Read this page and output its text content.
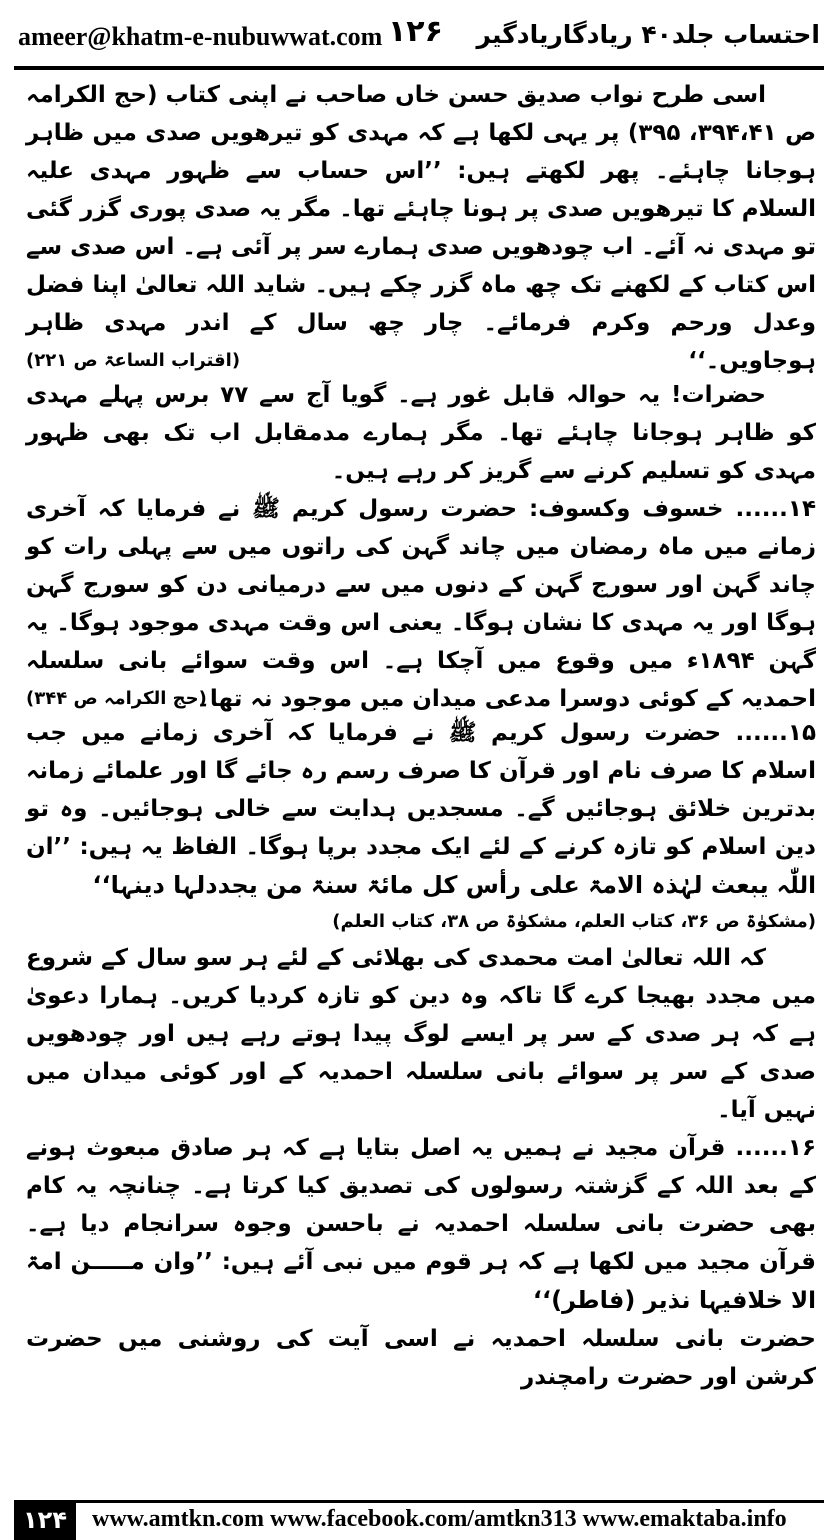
ameer@khatm-e-nubuwwat.com ۱۲۶ احتساب جلد۴۰ ریادگاریادگیر

اسی طرح نواب صدیق حسن خاں صاحب نے اپنی کتاب (حج الکرامہ ص ۳۹۴،۴۱، ۳۹۵) پر یہی لکھا ہے کہ مہدی کو تیرھویں صدی میں ظاہر ہوجانا چاہئے۔ پھر لکھتے ہیں: ’’اس حساب سے ظہور مہدی علیہ السلام کا تیرھویں صدی پر ہونا چاہئے تھا۔ مگر یہ صدی پوری گزر گئی تو مہدی نہ آئے۔ اب چودھویں صدی ہمارے سر پر آئی ہے۔ اس صدی سے اس کتاب کے لکھنے تک چھ ماہ گزر چکے ہیں۔ شاید اللہ تعالیٰ اپنا فضل وعدل ورحم وکرم فرمائے۔ چار چھ سال کے اندر مہدی ظاہر ہوجاویں۔‘‘

(اقتراب الساعۃ ص ۲۲۱)

حضرات! یہ حوالہ قابل غور ہے۔ گویا آج سے ۷۷ برس پہلے مہدی کو ظاہر ہوجانا چاہئے تھا۔ مگر ہمارے مدمقابل اب تک بھی ظہور مہدی کو تسلیم کرنے سے گریز کر رہے ہیں۔

۱۴...... خسوف وکسوف: حضرت رسول کریم ﷺ نے فرمایا کہ آخری زمانے میں ماہ رمضان میں چاند گہن کی راتوں میں سے پہلی رات کو چاند گہن اور سورج گہن کے دنوں میں سے درمیانی دن کو سورج گہن ہوگا اور یہ مہدی کا نشان ہوگا۔ یعنی اس وقت مہدی موجود ہوگا۔ یہ گہن ۱۸۹۴ء میں وقوع میں آچکا ہے۔ اس وقت سوائے بانی سلسلہ احمدیہ کے کوئی دوسرا مدعی میدان میں موجود نہ تھا۔

(حج الکرامہ ص ۳۴۴)

۱۵...... حضرت رسول کریم ﷺ نے فرمایا کہ آخری زمانے میں جب اسلام کا صرف نام اور قرآن کا صرف رسم رہ جائے گا اور علمائے زمانہ بدترین خلائق ہوجائیں گے۔ مسجدیں ہدایت سے خالی ہوجائیں۔ وہ تو دین اسلام کو تازہ کرنے کے لئے ایک مجدد برپا ہوگا۔ الفاظ یہ ہیں: ’’ان اللّٰہ یبعث لہٰذہ الامۃ علی رأس کل مائۃ سنۃ من یجددلہا دینہا‘‘

(مشکوٰۃ ص ۳۶، کتاب العلم، مشکوٰۃ ص ۳۸، کتاب العلم)

کہ اللہ تعالیٰ امت محمدی کی بھلائی کے لئے ہر سو سال کے شروع میں مجدد بھیجا کرے گا تاکہ وہ دین کو تازہ کردیا کریں۔ ہمارا دعویٰ ہے کہ ہر صدی کے سر پر ایسے لوگ پیدا ہوتے رہے ہیں اور چودھویں صدی کے سر پر سوائے بانی سلسلہ احمدیہ کے اور کوئی میدان میں نہیں آیا۔

۱۶...... قرآن مجید نے ہمیں یہ اصل بتایا ہے کہ ہر صادق مبعوث ہونے کے بعد اللہ کے گزشتہ رسولوں کی تصدیق کیا کرتا ہے۔ چنانچہ یہ کام بھی حضرت بانی سلسلہ احمدیہ نے باحسن وجوہ سرانجام دیا ہے۔ قرآن مجید میں لکھا ہے کہ ہر قوم میں نبی آئے ہیں: ’’وان مـــــن امۃ الا خلافیہا نذیر (فاطر)‘‘

حضرت بانی سلسلہ احمدیہ نے اسی آیت کی روشنی میں حضرت کرشن اور حضرت رامچندر

۱۲۴	www.amtkn.com www.facebook.com/amtkn313 www.emaktaba.info
